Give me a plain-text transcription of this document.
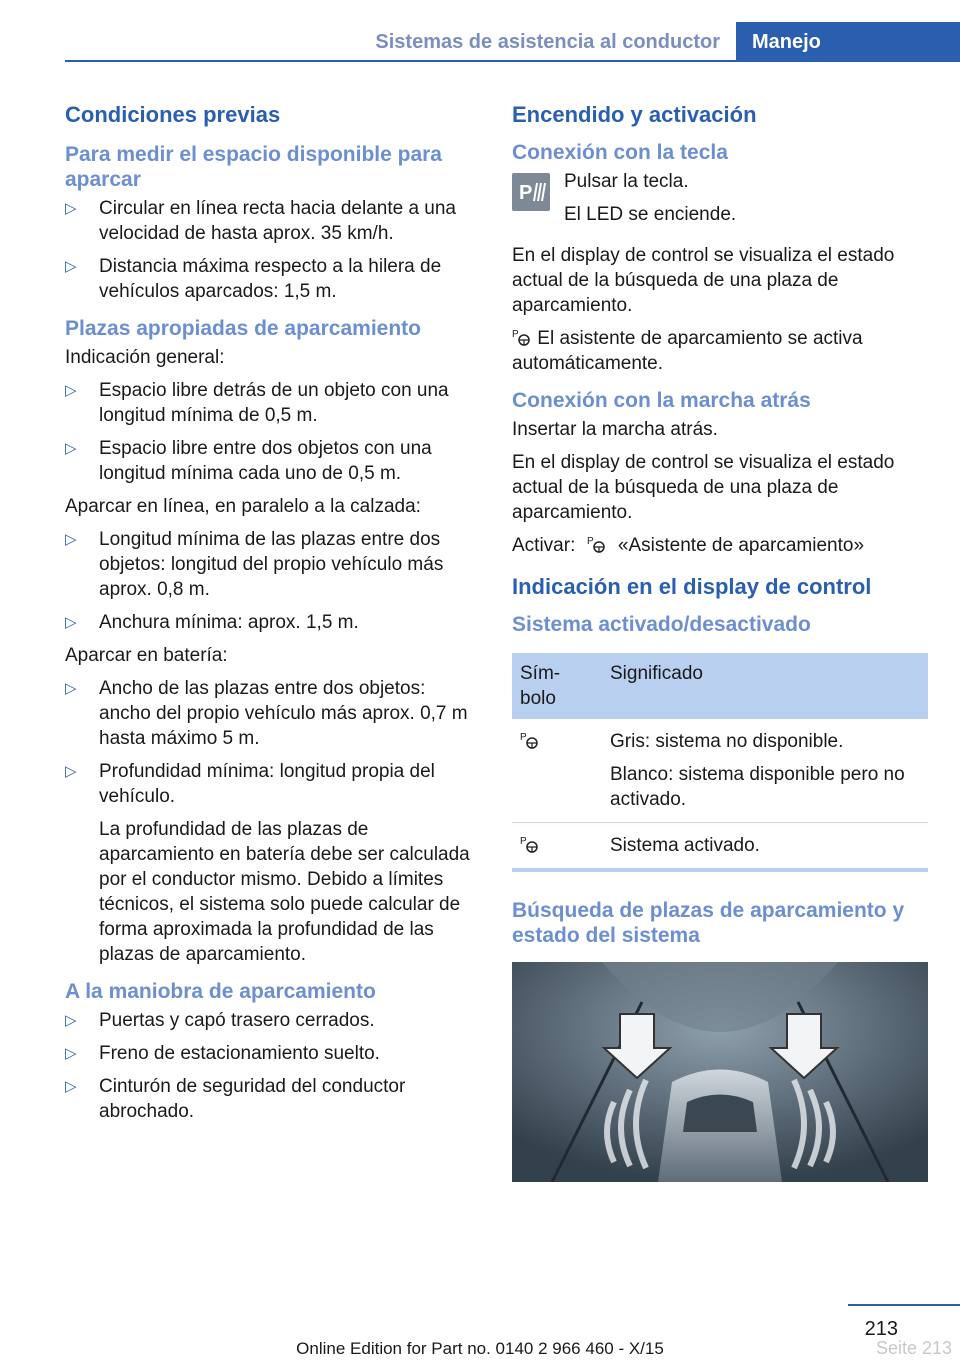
Sistemas de asistencia al conductor	Manejo
Condiciones previas
Para medir el espacio disponible para aparcar
▷ Circular en línea recta hacia delante a una velocidad de hasta aprox. 35 km/h.
▷ Distancia máxima respecto a la hilera de vehículos aparcados: 1,5 m.
Plazas apropiadas de aparcamiento

Indicación general:

▷ Espacio libre detrás de un objeto con una longitud mínima de 0,5 m.
▷ Espacio libre entre dos objetos con una longitud mínima cada uno de 0,5 m.

Aparcar en línea, en paralelo a la calzada:

▷ Longitud mínima de las plazas entre dos objetos: longitud del propio vehículo más aprox. 0,8 m.
▷ Anchura mínima: aprox. 1,5 m.

Aparcar en batería:

▷ Ancho de las plazas entre dos objetos: ancho del propio vehículo más aprox. 0,7 m hasta máximo 5 m.
▷ Profundidad mínima: longitud propia del vehículo.

La profundidad de las plazas de aparcamiento en batería debe ser calculada por el conductor mismo. Debido a límites técnicos, el sistema solo puede calcular de forma aproximada la profundidad de las plazas de aparcamiento.

A la maniobra de aparcamiento
▷ Puertas y capó trasero cerrados.
▷ Freno de estacionamiento suelto.
▷ Cinturón de seguridad del conductor abrochado.
Encendido y activación
Conexión con la tecla
P

Pulsar la tecla.

El LED se enciende.

En el display de control se visualiza el estado actual de la búsqueda de una plaza de aparcamiento.

P El asistente de aparcamiento se activa automáticamente.

Conexión con la marcha atrás

Insertar la marcha atrás.

En el display de control se visualiza el estado actual de la búsqueda de una plaza de aparcamiento.

Activar: P «Asistente de aparcamiento»

Indicación en el display de control
Sistema activado/desactivado
Sím-bolo	Significado

P	Gris: sistema no disponible.

Blanco: sistema disponible pero no activado.

P	Sistema activado.
Búsqueda de plazas de aparcamiento y estado del sistema
213
Online Edition for Part no. 0140 2 966 460 - X/15	Seite 213
